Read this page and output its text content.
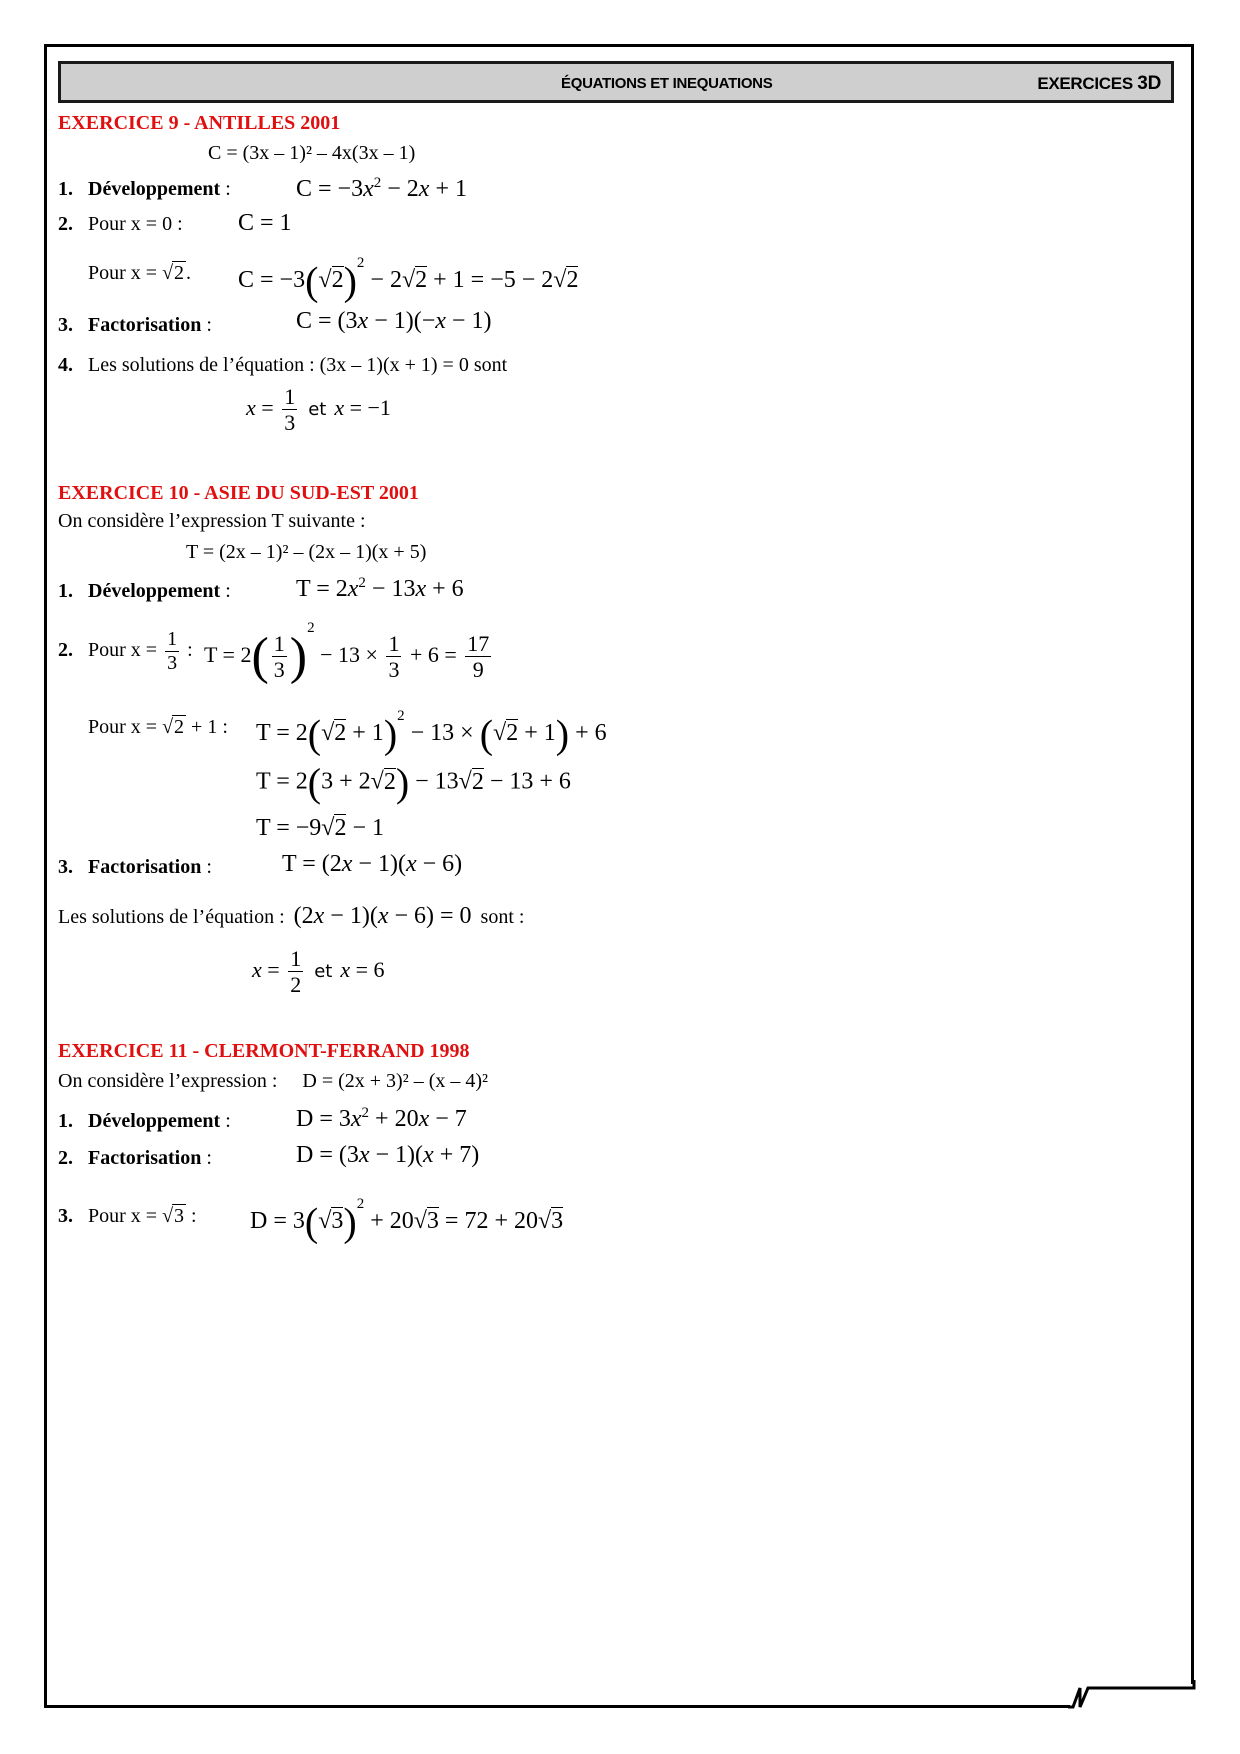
ÉQUATIONS ET INEQUATIONS	EXERCICES 3D
EXERCICE 9 - ANTILLES 2001
C = (3x – 1)² – 4x(3x – 1)
1. Développement :	$C = -3x^2 - 2x + 1$
2. Pour x = 0 : C = 1
Pour x = √2 . $C = -3(√2)^2 - 2√2 + 1 = -5 - 2√2$
3. Factorisation :	C = (3x − 1)(−x − 1)
4. Les solutions de l’équation : (3x – 1)(x + 1) = 0 sont
$x = \frac{1}{3}$ et x = −1
EXERCICE 10 - ASIE DU SUD-EST 2001
On considère l’expression T suivante :
T = (2x – 1)² – (2x – 1)(x + 5)
1. Développement :	$T = 2x^2 - 13x + 6$
2. Pour $x = \frac{1}{3}$ : $T = 2( \frac{1}{3} )^2 - 13 \times \frac{1}{3} + 6 = \frac{17}{9}$
Pour x = √2 + 1 : $T = 2(√2 + 1)^2 - 13 \times (√2 + 1) + 6$
T = 2(3 + 2√2) − 13√2 − 13 + 6
T = −9√2 − 1
3. Factorisation :	T = (2x − 1)(x − 6)
Les solutions de l’équation : (2x − 1)(x − 6) = 0 sont :
$x = \frac{1}{2}$ et x = 6
EXERCICE 11 - CLERMONT-FERRAND 1998
On considère l’expression : D = (2x + 3)² – (x – 4)²
1. Développement :	$D = 3x^2 + 20x - 7$
2. Factorisation :	D = (3x − 1)(x + 7)
3. Pour x = √3 : $D = 3(√3)^2 + 20√3 = 72 + 20√3$
